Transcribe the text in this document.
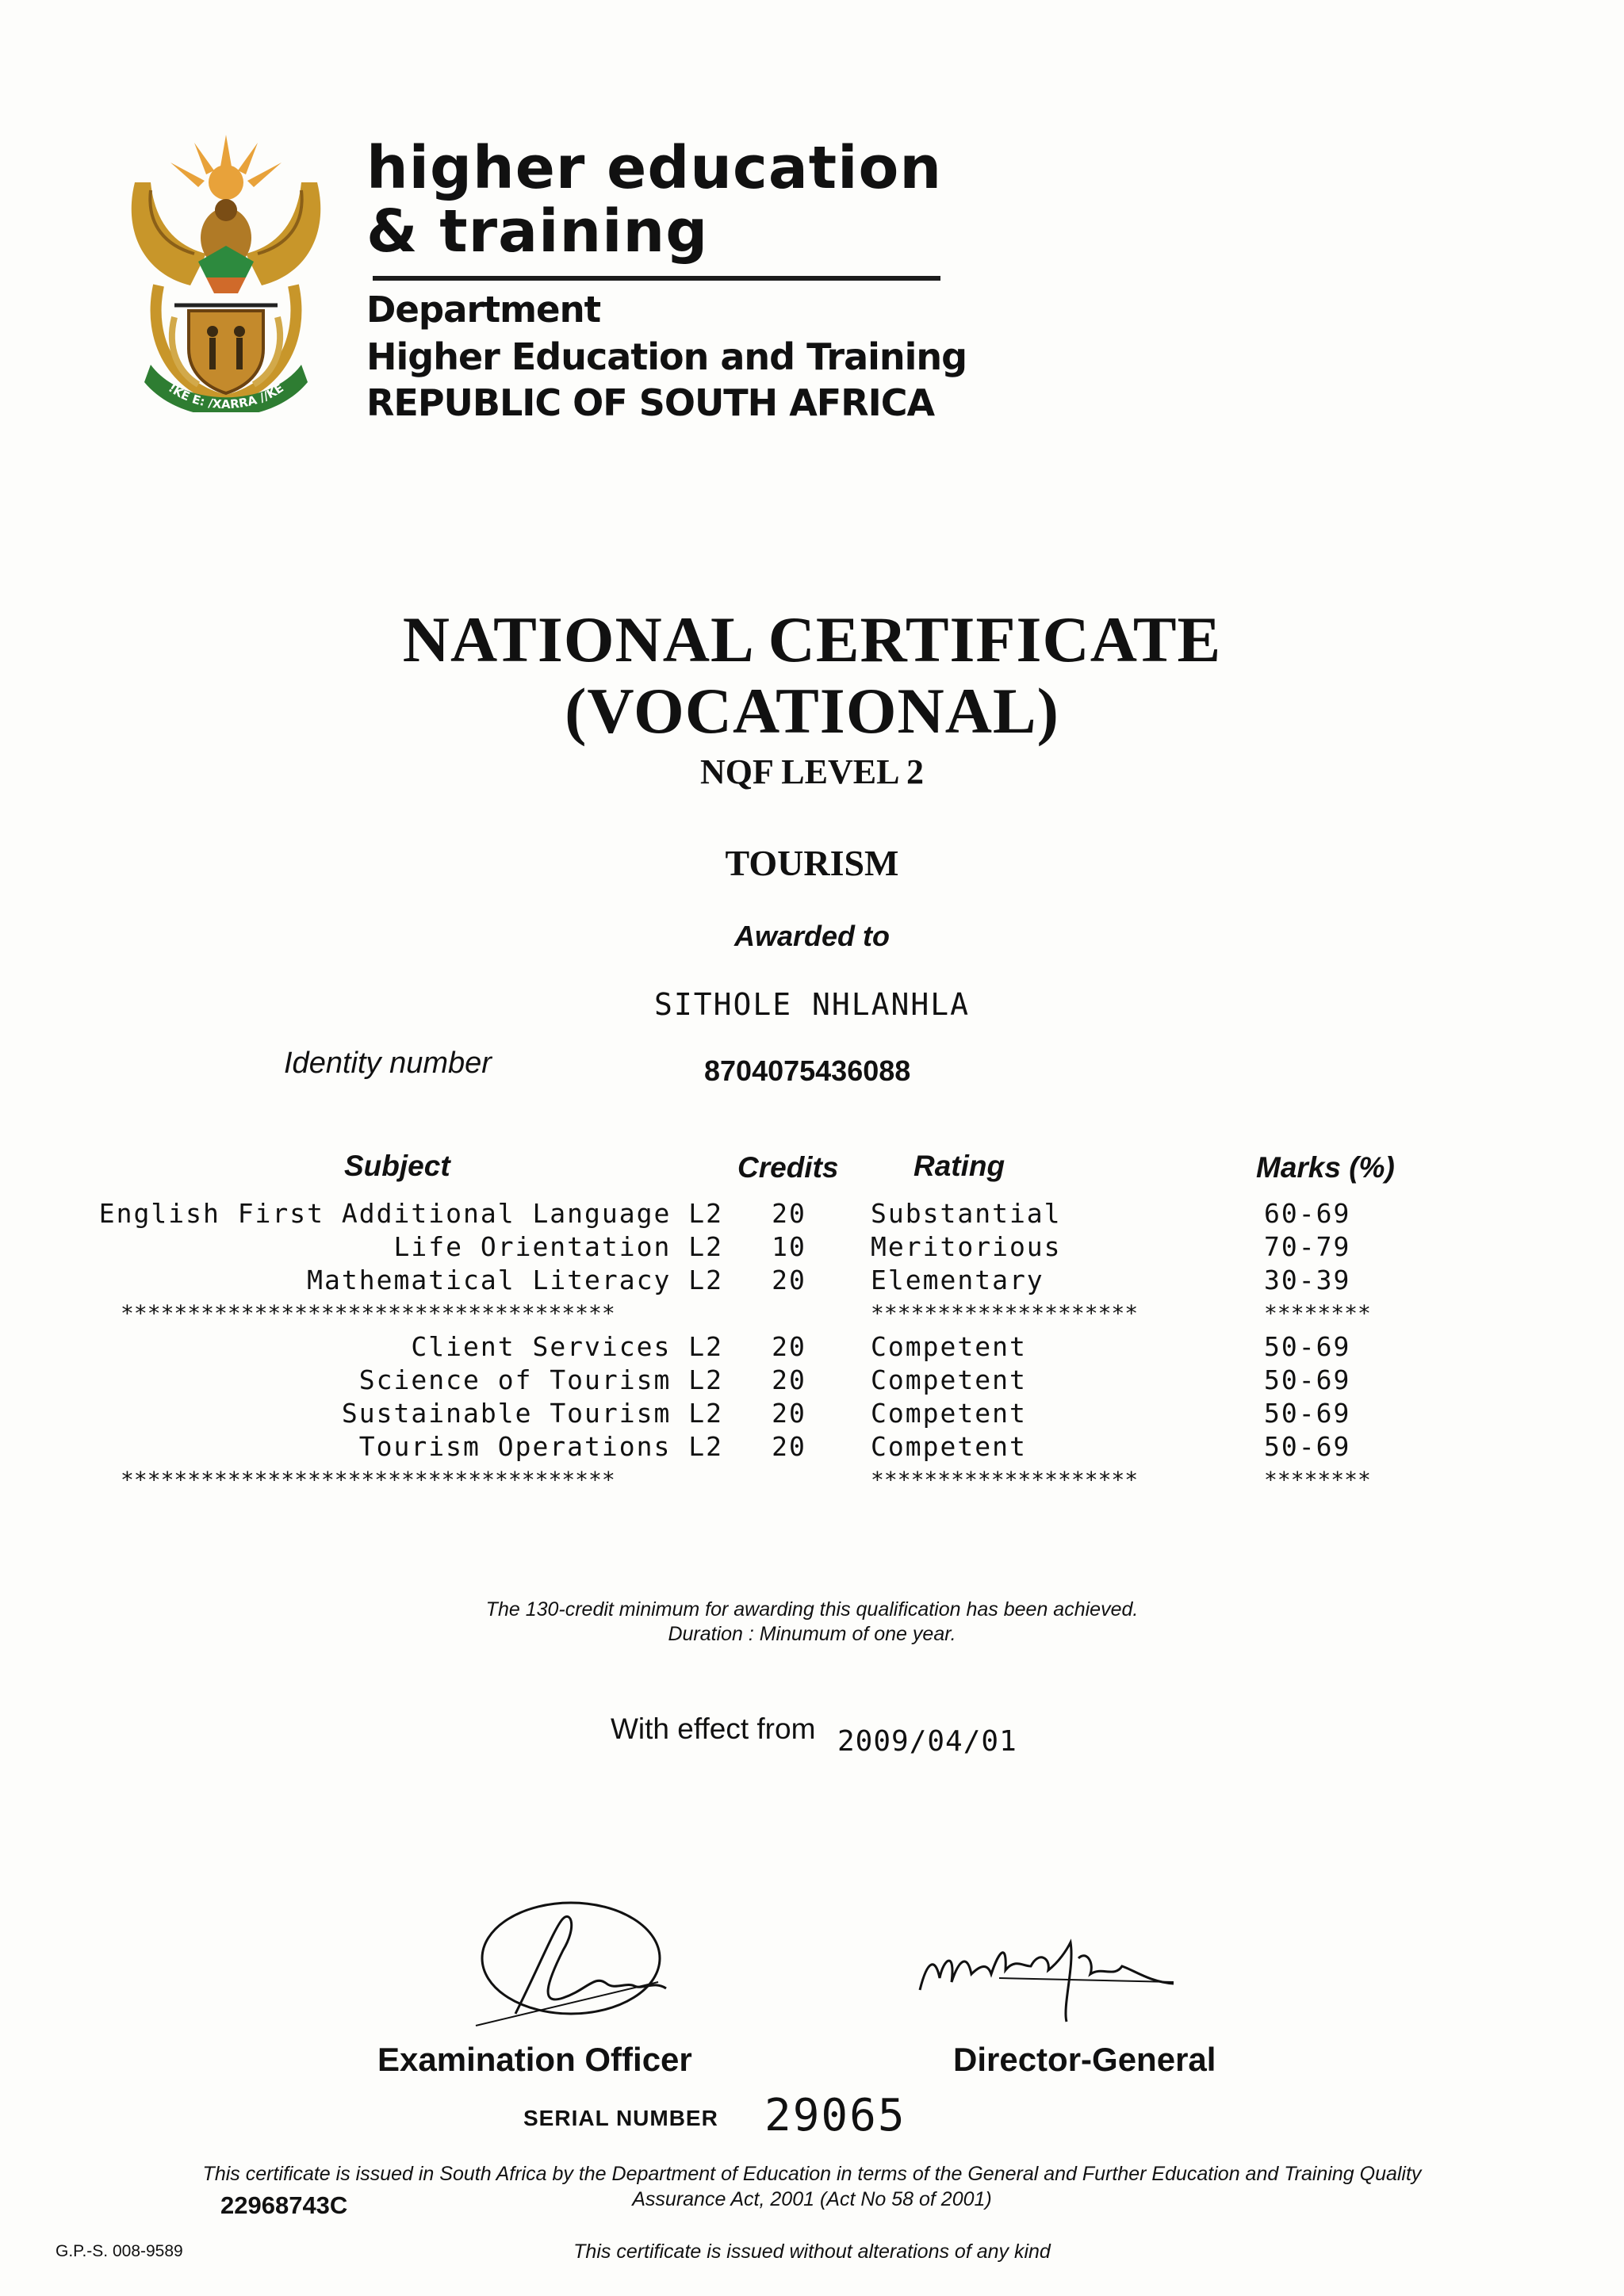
!KE E: /XARRA //KE
higher education
& training
Department
Higher Education and Training
REPUBLIC OF SOUTH AFRICA
NATIONAL CERTIFICATE
(VOCATIONAL)
NQF LEVEL 2
TOURISM
Awarded to
SITHOLE NHLANHLA
Identity number	8704075436088
Subject	Credits	Rating	Marks (%)
English First Additional Language L2	20	Substantial	60-69
Life Orientation L2	10	Meritorious	70-79
Mathematical Literacy L2	20	Elementary	30-39
*************************************	********************	********
Client Services L2	20	Competent	50-69
Science of Tourism L2	20	Competent	50-69
Sustainable Tourism L2	20	Competent	50-69
Tourism Operations L2	20	Competent	50-69
*************************************	********************	********
The 130-credit minimum for awarding this qualification has been achieved.
Duration : Minumum of one year.
With effect from 2009/04/01
Examination Officer	Director-General
SERIAL NUMBER 29065
This certificate is issued in South Africa by the Department of Education in terms of the General and Further Education and Training Quality
Assurance Act, 2001 (Act No 58 of 2001)
22968743C
This certificate is issued without alterations of any kind
G.P.-S. 008-9589
